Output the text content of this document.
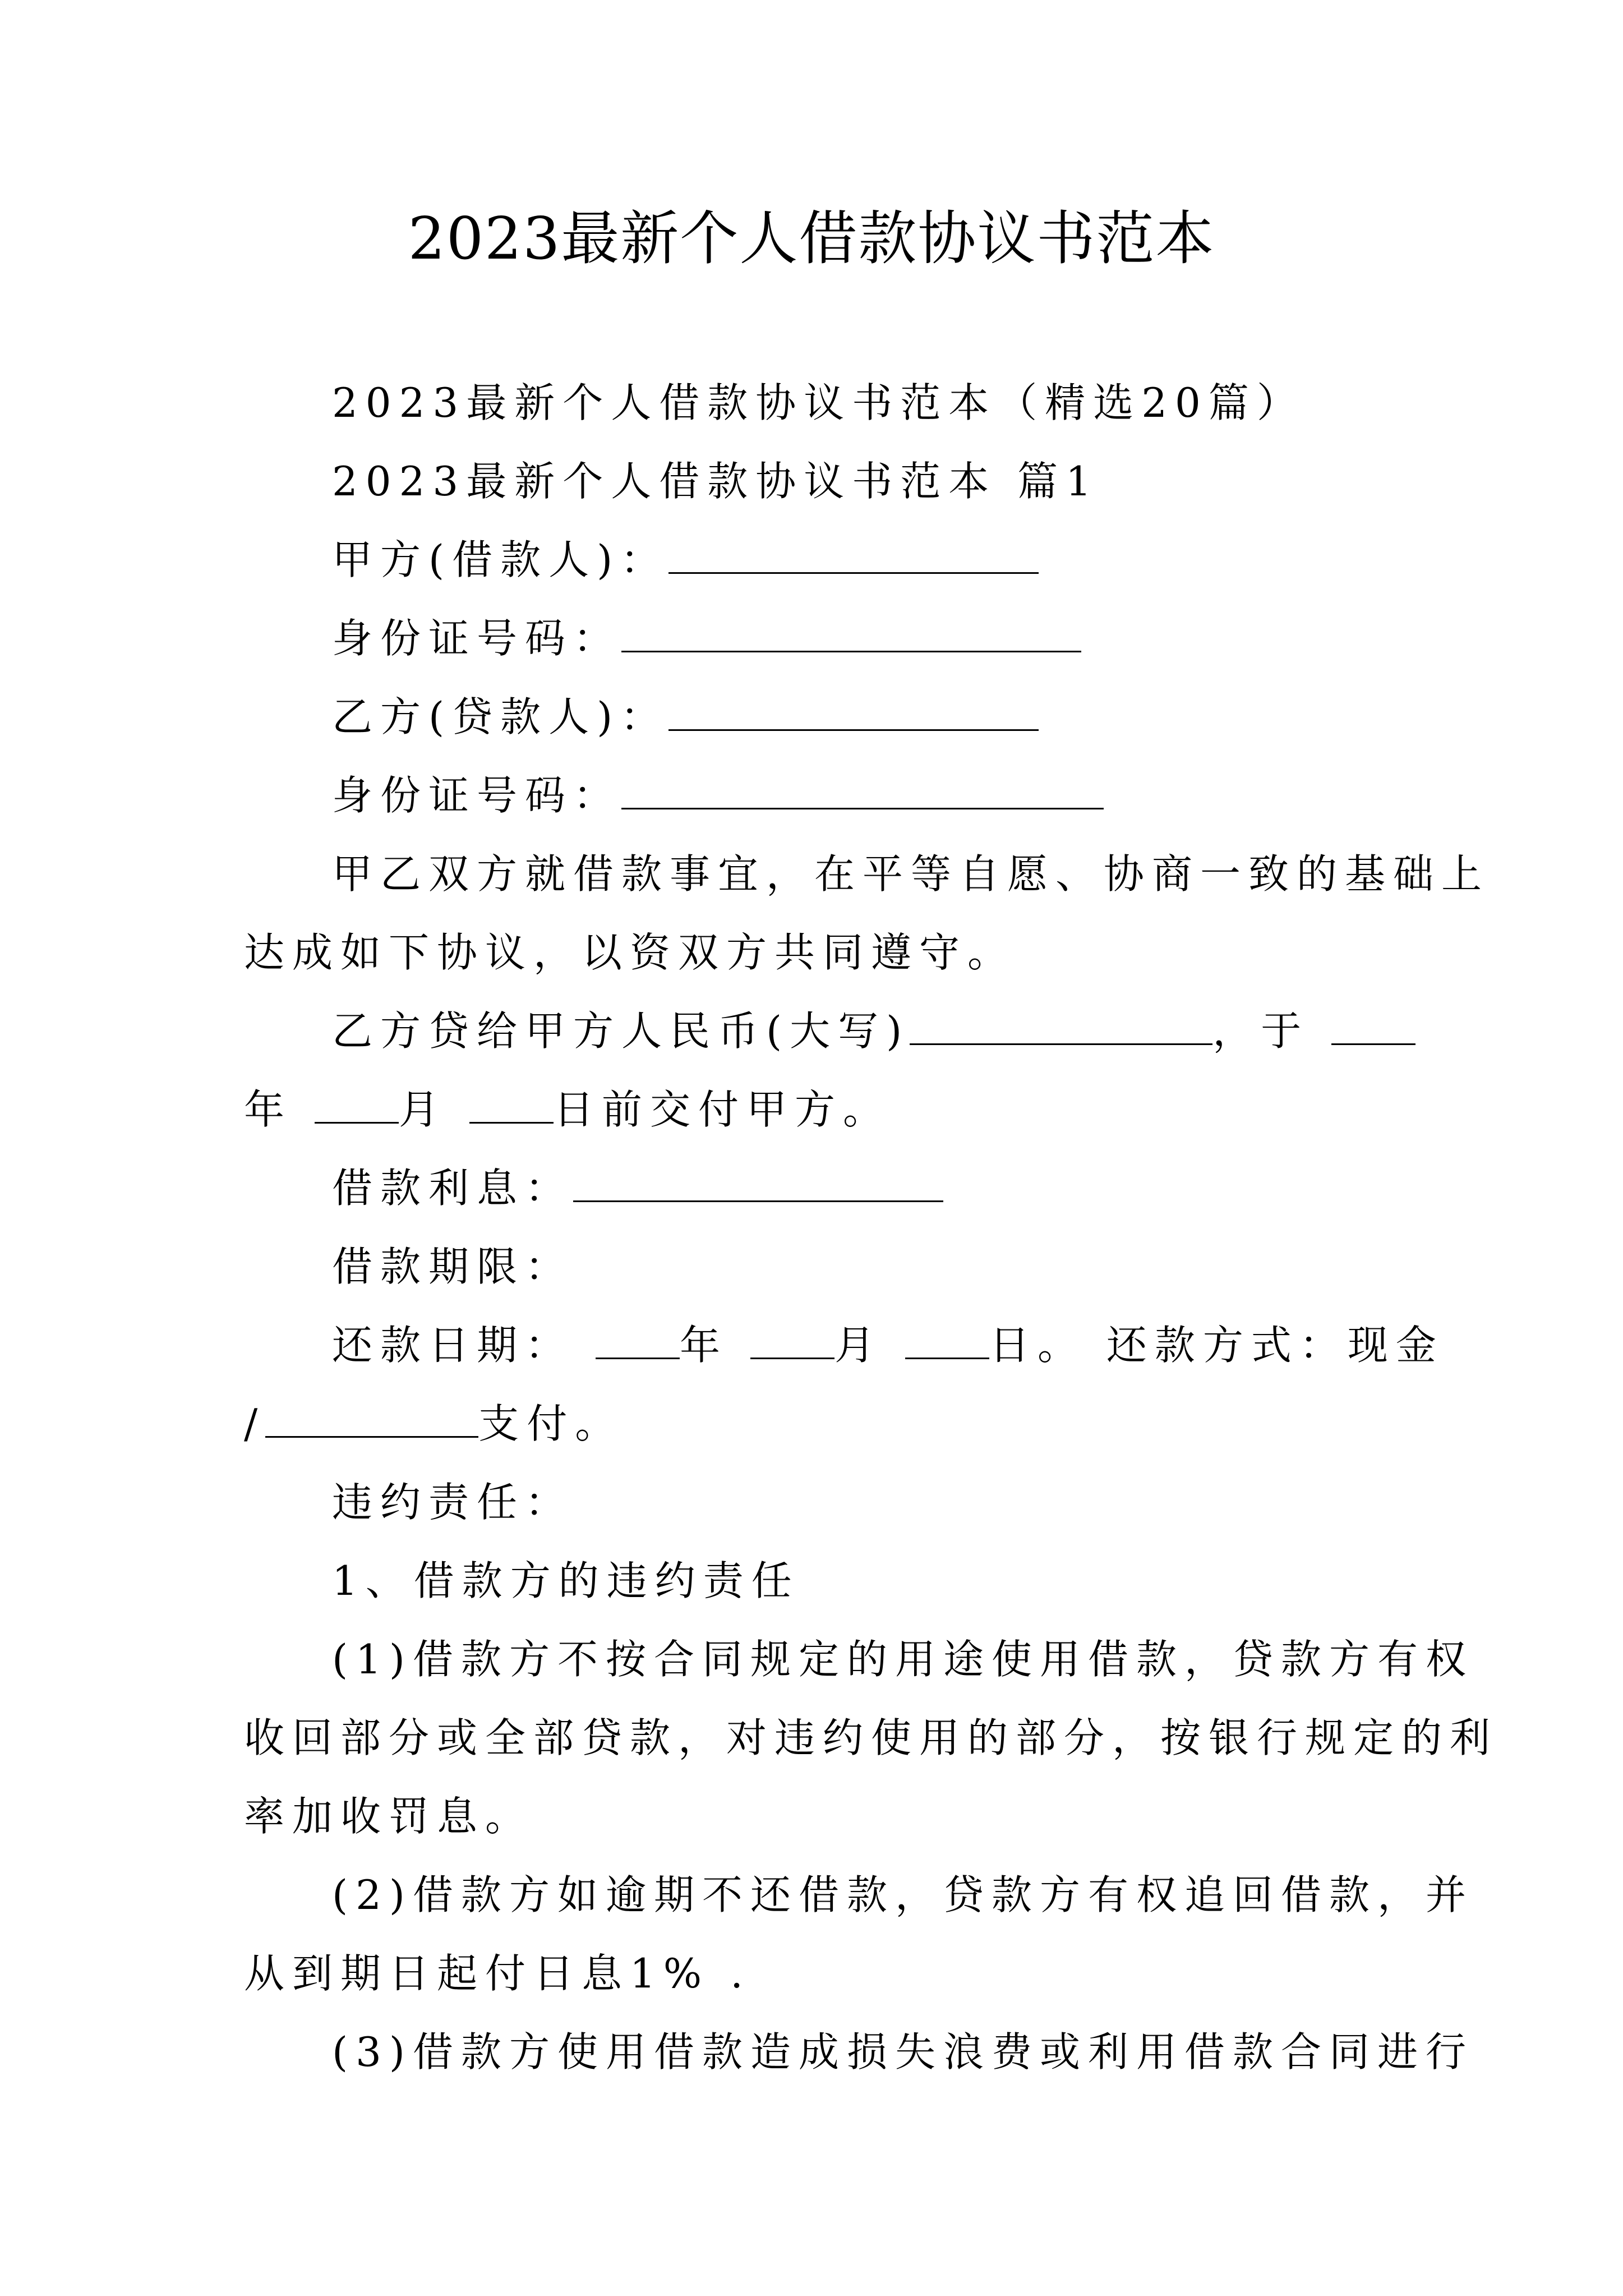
2023最新个人借款协议书范本
2023最新个人借款协议书范本（精选20篇）
2023最新个人借款协议书范本 篇1
甲方(借款人)：
身份证号码：
乙方(贷款人)：
身份证号码：
甲乙双方就借款事宜，在平等自愿、协商一致的基础上
达成如下协议，以资双方共同遵守。
乙方贷给甲方人民币(大写)	，于
年	月	日前交付甲方。
借款利息：
借款期限：
还款日期：	年	月	日。 还款方式：现金
/	支付。
违约责任：
1、借款方的违约责任
(1)借款方不按合同规定的用途使用借款，贷款方有权
收回部分或全部贷款，对违约使用的部分，按银行规定的利
率加收罚息。
(2)借款方如逾期不还借款，贷款方有权追回借款，并
从到期日起付日息1% .
(3)借款方使用借款造成损失浪费或利用借款合同进行
